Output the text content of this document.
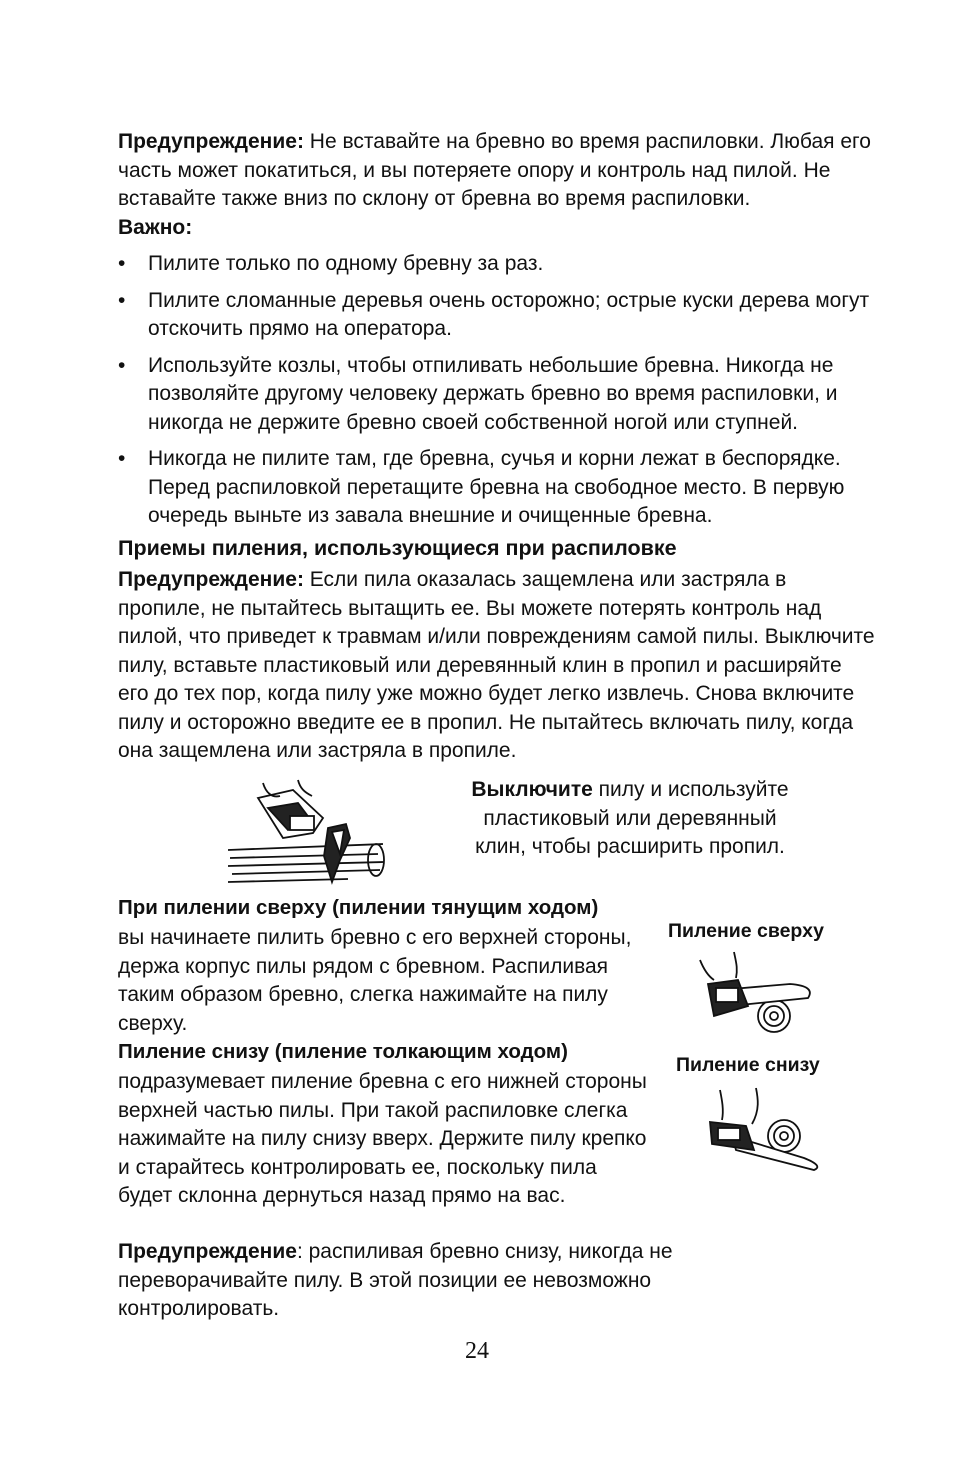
Предупреждение: Не вставайте на бревно во время распиловки. Любая его часть может покатиться, и вы потеряете опору и контроль над пилой. Не вставайте также вниз по склону от бревна во время распиловки.

Важно:

• Пилите только по одному бревну за раз.
• Пилите сломанные деревья очень осторожно; острые куски дерева могут отскочить прямо на оператора.
• Используйте козлы, чтобы отпиливать небольшие бревна. Никогда не позволяйте другому человеку держать бревно во время распиловки, и никогда не держите бревно своей собственной ногой или ступней.
• Никогда не пилите там, где бревна, сучья и корни лежат в беспорядке. Перед распиловкой перетащите бревна на свободное место. В первую очередь выньте из завала внешние и очищенные бревна.
Приемы пиления, использующиеся при распиловке

Предупреждение: Если пила оказалась защемлена или застряла в пропиле, не пытайтесь вытащить ее. Вы можете потерять контроль над пилой, что приведет к травмам и/или повреждениям самой пилы. Выключите пилу, вставьте пластиковый или деревянный клин в пропил и расширяйте его до тех пор, когда пилу уже можно будет легко извлечь. Снова включите пилу и осторожно введите ее в пропил. Не пытайтесь включать пилу, когда она защемлена или застряла в пропиле.

Выключите пилу и используйте
пластиковый или деревянный
клин, чтобы расширить пропил.
При пилении сверху (пилении тянущим ходом)

вы начинаете пилить бревно с его верхней стороны, держа корпус пилы рядом с бревном. Распиливая таким образом бревно, слегка нажимайте на пилу сверху.

Пиление сверху
Пиление снизу (пиление толкающим ходом)

подразумевает пиление бревна с его нижней стороны верхней частью пилы. При такой распиловке слегка нажимайте на пилу снизу вверх. Держите пилу крепко и старайтесь контролировать ее, поскольку пила будет склонна дернуться назад прямо на вас.

Пиление снизу

Предупреждение: распиливая бревно снизу, никогда не переворачивайте пилу. В этой позиции ее невозможно контролировать.

24
